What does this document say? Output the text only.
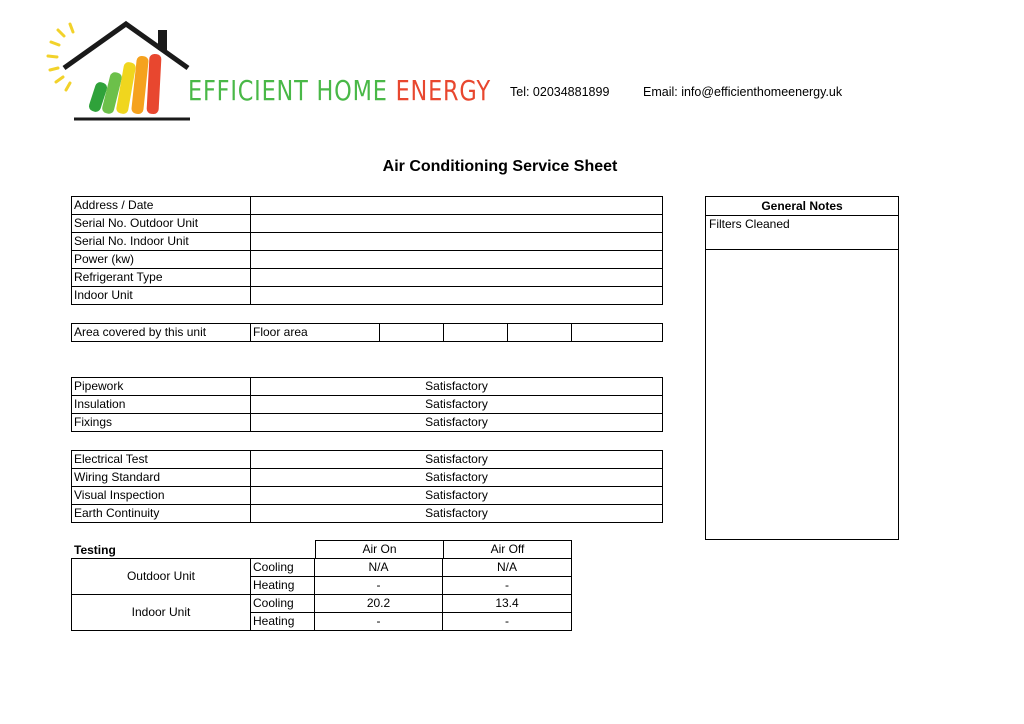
EFFICIENT HOME ENERGY Tel: 02034881899	Email: info@efficienthomeenergy.uk
Air Conditioning Service Sheet
Address / Date	
Serial No. Outdoor Unit	
Serial No. Indoor Unit	
Power (kw)	
Refrigerant Type	
Indoor Unit	
Area covered by this unit	Floor area				
Pipework	Satisfactory
Insulation	Satisfactory
Fixings	Satisfactory
Electrical Test	Satisfactory
Wiring Standard	Satisfactory
Visual Inspection	Satisfactory
Earth Continuity	Satisfactory
Testing	Air On	Air Off
Outdoor Unit	Cooling	N/A	N/A
	Heating	-	-
Indoor Unit	Cooling	20.2	13.4
	Heating	-	-
General Notes
Filters Cleaned
